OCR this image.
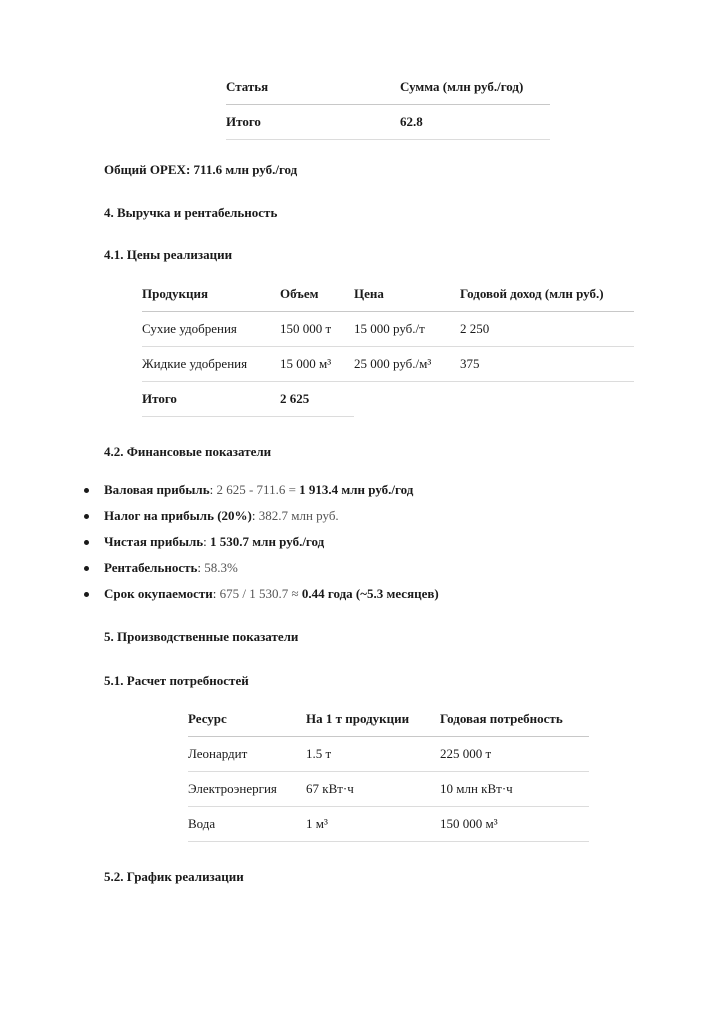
Статья	Сумма (млн руб./год)
Итого	62.8
Общий OPEX: 711.6 млн руб./год
4. Выручка и рентабельность
4.1. Цены реализации
Продукция	Объем	Цена	Годовой доход (млн руб.)
Сухие удобрения	150 000 т	15 000 руб./т	2 250
Жидкие удобрения	15 000 м³	25 000 руб./м³	375
Итого	2 625		
4.2. Финансовые показатели
Валовая прибыль: 2 625 - 711.6 = 1 913.4 млн руб./год
Налог на прибыль (20%): 382.7 млн руб.
Чистая прибыль: 1 530.7 млн руб./год
Рентабельность: 58.3%
Срок окупаемости: 675 / 1 530.7 ≈ 0.44 года (~5.3 месяцев)
5. Производственные показатели
5.1. Расчет потребностей
Ресурс	На 1 т продукции	Годовая потребность
Леонардит	1.5 т	225 000 т
Электроэнергия	67 кВт·ч	10 млн кВт·ч
Вода	1 м³	150 000 м³
5.2. График реализации
